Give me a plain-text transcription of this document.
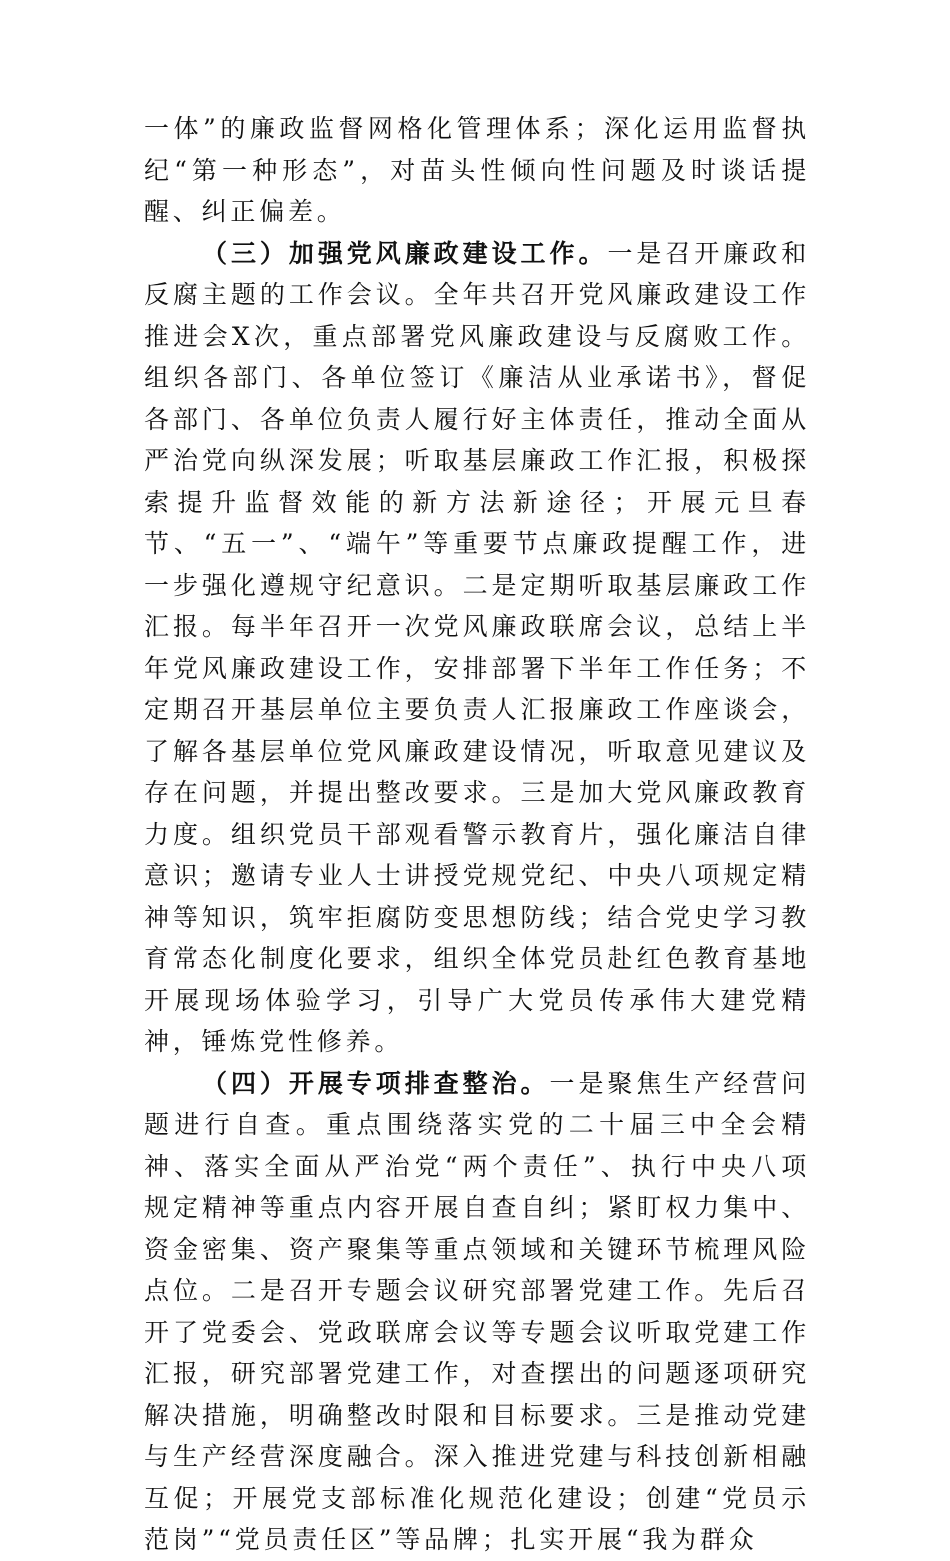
一体”的廉政监督网格化管理体系；深化运用监督执纪“第一种形态”，对苗头性倾向性问题及时谈话提醒、纠正偏差。

（三）加强党风廉政建设工作。一是召开廉政和反腐主题的工作会议。全年共召开党风廉政建设工作推进会X次，重点部署党风廉政建设与反腐败工作。组织各部门、各单位签订《廉洁从业承诺书》，督促各部门、各单位负责人履行好主体责任，推动全面从严治党向纵深发展；听取基层廉政工作汇报，积极探索提升监督效能的新方法新途径；开展元旦春节、“五一”、“端午”等重要节点廉政提醒工作，进一步强化遵规守纪意识。二是定期听取基层廉政工作汇报。每半年召开一次党风廉政联席会议，总结上半年党风廉政建设工作，安排部署下半年工作任务；不定期召开基层单位主要负责人汇报廉政工作座谈会，了解各基层单位党风廉政建设情况，听取意见建议及存在问题，并提出整改要求。三是加大党风廉政教育力度。组织党员干部观看警示教育片，强化廉洁自律意识；邀请专业人士讲授党规党纪、中央八项规定精神等知识，筑牢拒腐防变思想防线；结合党史学习教育常态化制度化要求，组织全体党员赴红色教育基地开展现场体验学习，引导广大党员传承伟大建党精神，锤炼党性修养。

（四）开展专项排查整治。一是聚焦生产经营问题进行自查。重点围绕落实党的二十届三中全会精神、落实全面从严治党“两个责任”、执行中央八项规定精神等重点内容开展自查自纠；紧盯权力集中、资金密集、资产聚集等重点领域和关键环节梳理风险点位。二是召开专题会议研究部署党建工作。先后召开了党委会、党政联席会议等专题会议听取党建工作汇报，研究部署党建工作，对查摆出的问题逐项研究解决措施，明确整改时限和目标要求。三是推动党建与生产经营深度融合。深入推进党建与科技创新相融互促；开展党支部标准化规范化建设；创建“党员示范岗”“党员责任区”等品牌；扎实开展“我为群众
